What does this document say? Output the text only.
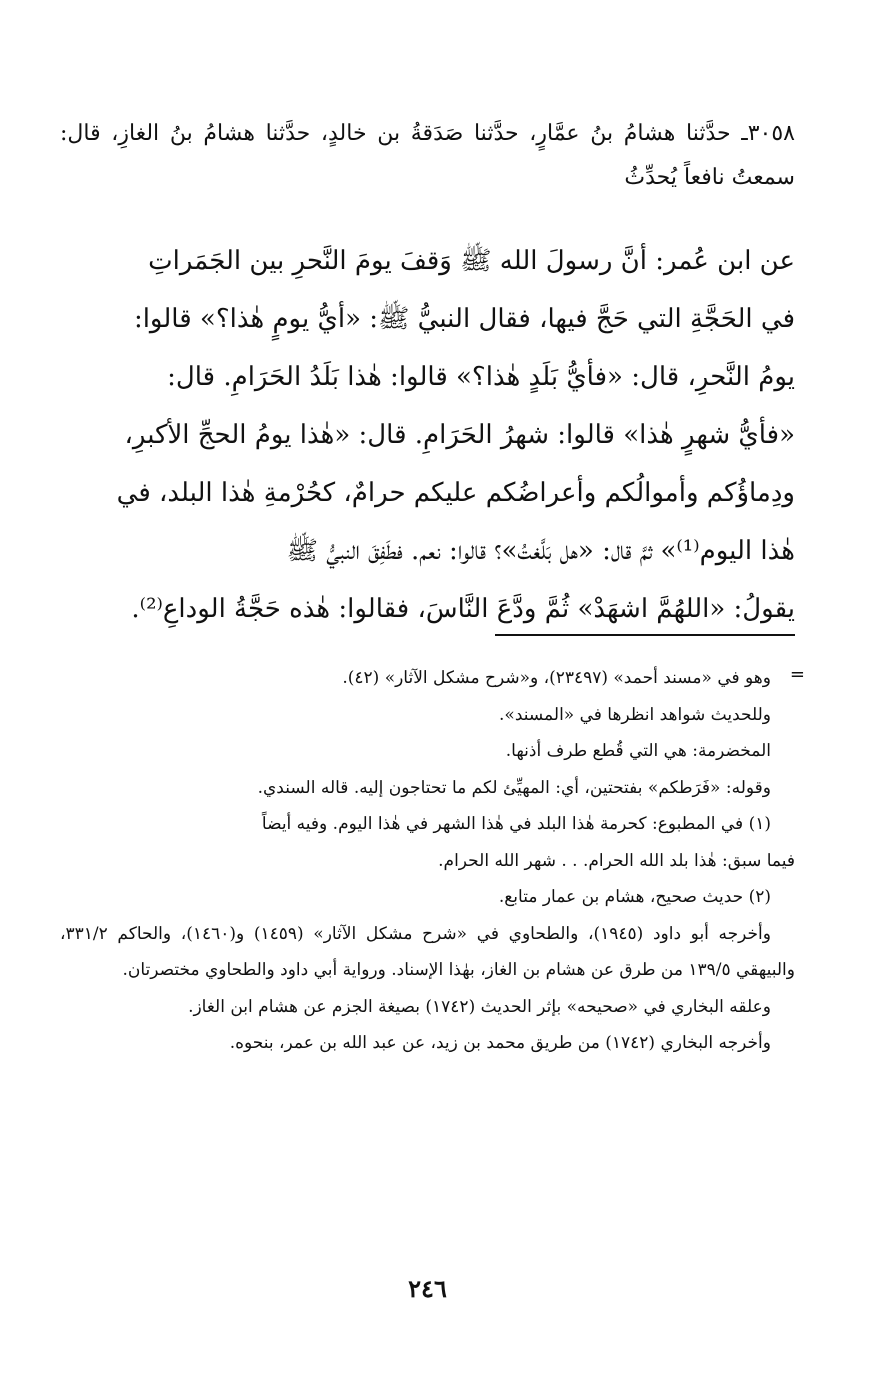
٣٠٥٨ـ حدَّثنا هشامُ بنُ عمَّارٍ، حدَّثنا صَدَقةُ بن خالدٍ، حدَّثنا هشامُ بنُ الغازِ، قال: سمعتُ نافعاً يُحدِّثُ

عن ابن عُمر: أنَّ رسولَ الله ﷺ وَقفَ يومَ النَّحرِ بين الجَمَراتِ

في الحَجَّةِ التي حَجَّ فيها، فقال النبيُّ ﷺ: «أيُّ يومٍ هٰذا؟» قالوا:

يومُ النَّحرِ، قال: «فأيُّ بَلَدٍ هٰذا؟» قالوا: هٰذا بَلَدُ الحَرَامِ. قال:

«فأيُّ شهرٍ هٰذا» قالوا: شهرُ الحَرَامِ. قال: «هٰذا يومُ الحجِّ الأكبرِ،

ودِماؤُكم وأموالُكم وأعراضُكم عليكم حرامٌ، كحُرْمةِ هٰذا البلد، في

هٰذا اليوم⁽¹⁾» ثمَّ قال: «هل بَلَّغتُ»؟ قالوا: نعم. فطَفِقَ النبيُّ ﷺ

يقولُ: «اللهُمَّ اشهَدْ» ثُمَّ ودَّعَ النَّاسَ، فقالوا: هٰذه حَجَّةُ الوداعِ⁽²⁾.

=

وهو في «مسند أحمد» (٢٣٤٩٧)، و«شرح مشكل الآثار» (٤٢).

وللحديث شواهد انظرها في «المسند».

المخضرمة: هي التي قُطع طرف أذنها.

وقوله: «فَرَطكم» بفتحتين، أي: المهيِّئ لكم ما تحتاجون إليه. قاله السندي.

(١) في المطبوع: كحرمة هٰذا البلد في هٰذا الشهر في هٰذا اليوم. وفيه أيضاً

فيما سبق: هٰذا بلد الله الحرام. . . شهر الله الحرام.

(٢) حديث صحيح، هشام بن عمار متابع.

وأخرجه أبو داود (١٩٤٥)، والطحاوي في «شرح مشكل الآثار» (١٤٥٩) و(١٤٦٠)، والحاكم ٣٣١/٢، والبيهقي ١٣٩/٥ من طرق عن هشام بن الغاز، بهٰذا الإسناد. ورواية أبي داود والطحاوي مختصرتان.

وعلقه البخاري في «صحيحه» بإثر الحديث (١٧٤٢) بصيغة الجزم عن هشام ابن الغاز.

وأخرجه البخاري (١٧٤٢) من طريق محمد بن زيد، عن عبد الله بن عمر، بنحوه.

٢٤٦
